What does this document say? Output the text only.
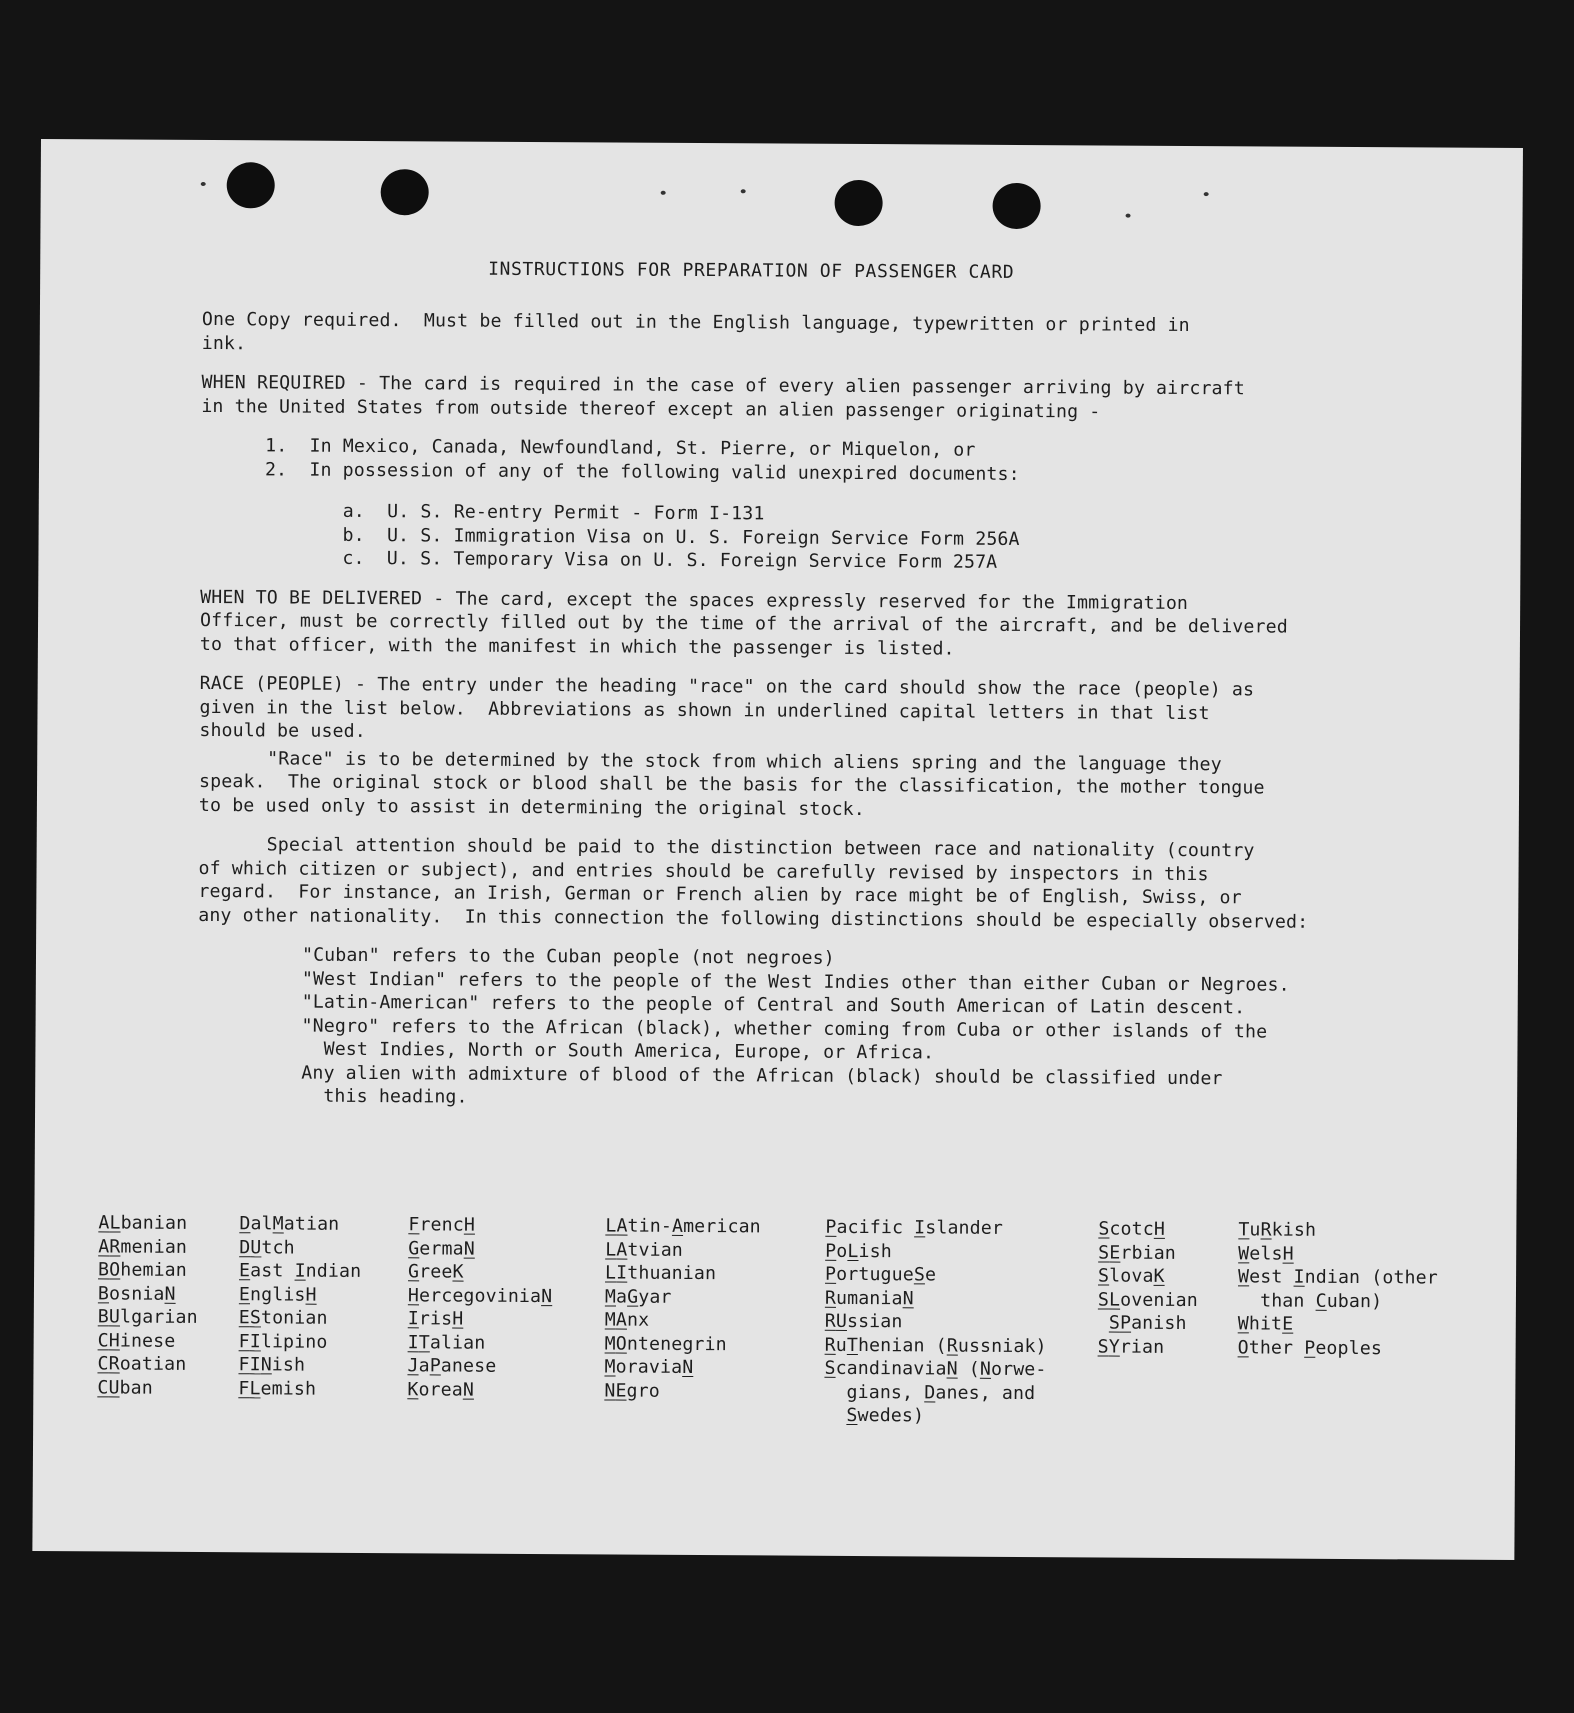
INSTRUCTIONS FOR PREPARATION OF PASSENGER CARD

One Copy required.  Must be filled out in the English language, typewritten or printed in

ink.

WHEN REQUIRED - The card is required in the case of every alien passenger arriving by aircraft

in the United States from outside thereof except an alien passenger originating -

1.  In Mexico, Canada, Newfoundland, St. Pierre, or Miquelon, or

2.  In possession of any of the following valid unexpired documents:

a.  U. S. Re-entry Permit - Form I-131

b.  U. S. Immigration Visa on U. S. Foreign Service Form 256A

c.  U. S. Temporary Visa on U. S. Foreign Service Form 257A

WHEN TO BE DELIVERED - The card, except the spaces expressly reserved for the Immigration

Officer, must be correctly filled out by the time of the arrival of the aircraft, and be delivered

to that officer, with the manifest in which the passenger is listed.

RACE (PEOPLE) - The entry under the heading "race" on the card should show the race (people) as

given in the list below.  Abbreviations as shown in underlined capital letters in that list

should be used.

"Race" is to be determined by the stock from which aliens spring and the language they

speak.  The original stock or blood shall be the basis for the classification, the mother tongue

to be used only to assist in determining the original stock.

Special attention should be paid to the distinction between race and nationality (country

of which citizen or subject), and entries should be carefully revised by inspectors in this

regard.  For instance, an Irish, German or French alien by race might be of English, Swiss, or

any other nationality.  In this connection the following distinctions should be especially observed:

"Cuban" refers to the Cuban people (not negroes)

"West Indian" refers to the people of the West Indies other than either Cuban or Negroes.

"Latin-American" refers to the people of Central and South American of Latin descent.

"Negro" refers to the African (black), whether coming from Cuba or other islands of the

West Indies, North or South America, Europe, or Africa.

Any alien with admixture of blood of the African (black) should be classified under

this heading.

ALbanian
ARmenian
BOhemian
BosniaN
BUlgarian
CHinese
CRoatian
CUban
DalMatian
DUtch
East Indian
EnglisH
EStonian
FIlipino
FINish
FLemish
FrencH
GermaN
GreeK
HercegoviniaN
IrisH
ITalian
JaPanese
KoreaN
LAtin-American
LAtvian
LIthuanian
MaGyar
MAnx
MOntenegrin
MoraviaN
NEgro
Pacific Islander
PoLish
PortugueSe
RumaniaN
RUssian
RuThenian (Russniak)
ScandinaviaN (Norwe-
gians, Danes, and
Swedes)
ScotcH
SErbian
SlovaK
SLovenian
SPanish
SYrian
TuRkish
WelsH
West Indian (other
than Cuban)
WhitE
Other Peoples
